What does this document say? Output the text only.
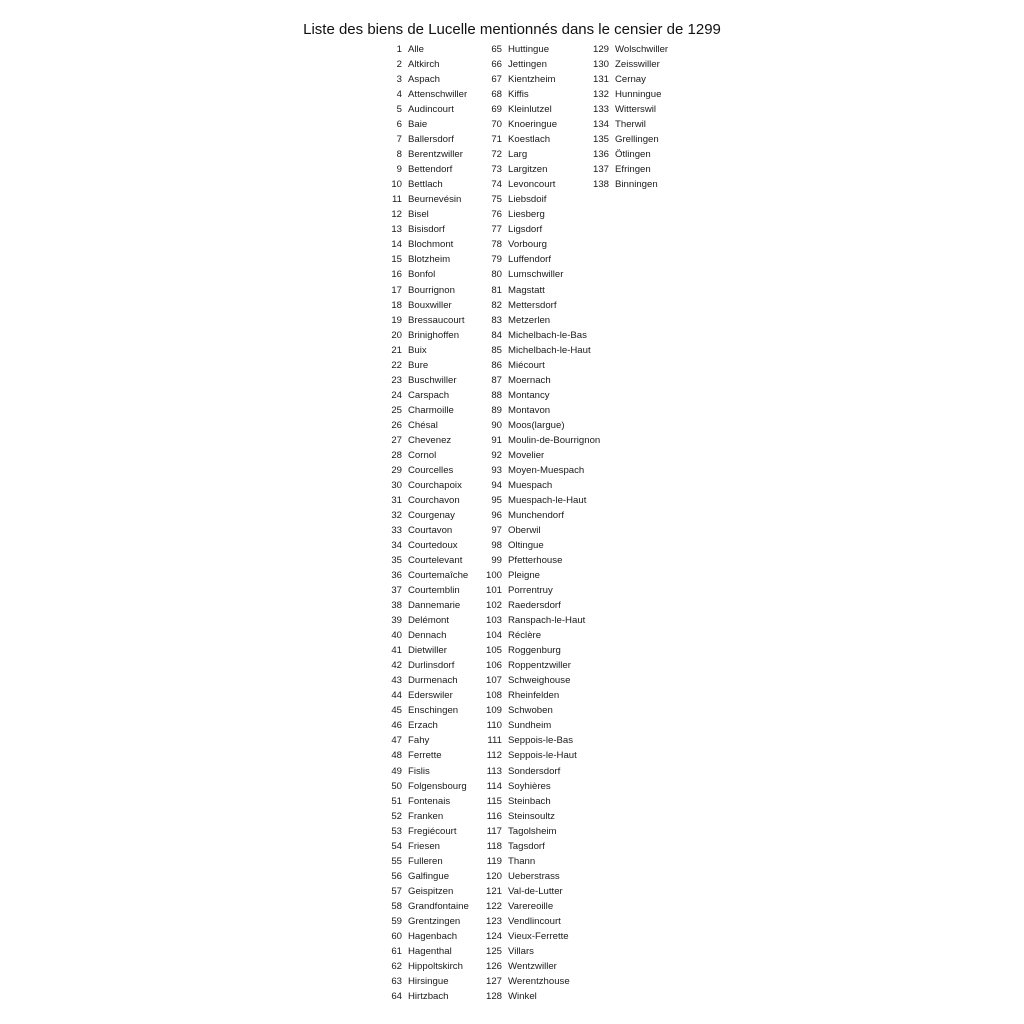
Liste des biens de Lucelle mentionnés dans le censier de 1299
1 Alle
2 Altkirch
3 Aspach
4 Attenschwiller
5 Audincourt
6 Baie
7 Ballersdorf
8 Berentzwiller
9 Bettendorf
10 Bettlach
11 Beurnevésin
12 Bisel
13 Bisisdorf
14 Blochmont
15 Blotzheim
16 Bonfol
17 Bourrignon
18 Bouxwiller
19 Bressaucourt
20 Brinighoffen
21 Buix
22 Bure
23 Buschwiller
24 Carspach
25 Charmoille
26 Chésal
27 Chevenez
28 Cornol
29 Courcelles
30 Courchapoix
31 Courchavon
32 Courgenay
33 Courtavon
34 Courtedoux
35 Courtelevant
36 Courtemaîche
37 Courtemblin
38 Dannemarie
39 Delémont
40 Dennach
41 Dietwiller
42 Durlinsdorf
43 Durmenach
44 Ederswiler
45 Enschingen
46 Erzach
47 Fahy
48 Ferrette
49 Fislis
50 Folgensbourg
51 Fontenais
52 Franken
53 Fregiécourt
54 Friesen
55 Fulleren
56 Galfingue
57 Geispitzen
58 Grandfontaine
59 Grentzingen
60 Hagenbach
61 Hagenthal
62 Hippoltskirch
63 Hirsingue
64 Hirtzbach
65 Huttingue
66 Jettingen
67 Kientzheim
68 Kiffis
69 Kleinlutzel
70 Knoeringue
71 Koestlach
72 Larg
73 Largitzen
74 Levoncourt
75 Liebsdoif
76 Liesberg
77 Ligsdorf
78 Vorbourg
79 Luffendorf
80 Lumschwiller
81 Magstatt
82 Mettersdorf
83 Metzerlen
84 Michelbach-le-Bas
85 Michelbach-le-Haut
86 Miécourt
87 Moernach
88 Montancy
89 Montavon
90 Moos(largue)
91 Moulin-de-Bourrignon
92 Movelier
93 Moyen-Muespach
94 Muespach
95 Muespach-le-Haut
96 Munchendorf
97 Oberwil
98 Oltingue
99 Pfetterhouse
100 Pleigne
101 Porrentruy
102 Raedersdorf
103 Ranspach-le-Haut
104 Réclère
105 Roggenburg
106 Roppentzwiller
107 Schweighouse
108 Rheinfelden
109 Schwoben
110 Sundheim
111 Seppois-le-Bas
112 Seppois-le-Haut
113 Sondersdorf
114 Soyhières
115 Steinbach
116 Steinsoultz
117 Tagolsheim
118 Tagsdorf
119 Thann
120 Ueberstrass
121 Val-de-Lutter
122 Varereoille
123 Vendlincourt
124 Vieux-Ferrette
125 Villars
126 Wentzwiller
127 Werentzhouse
128 Winkel
129 Wolschwiller
130 Zeisswiller
131 Cernay
132 Hunningue
133 Witterswil
134 Therwil
135 Grellingen
136 Ötlingen
137 Efringen
138 Binningen
